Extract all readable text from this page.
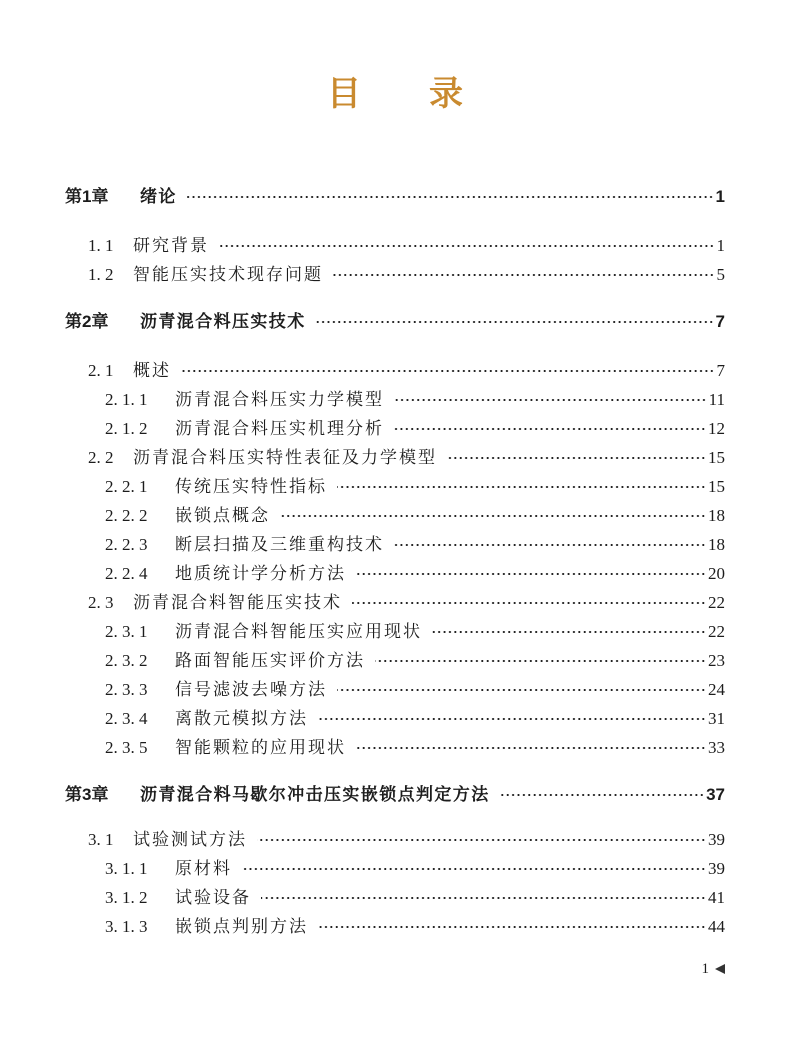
目　　录
第1章	绪论	1
1. 1	研究背景	1
1. 2	智能压实技术现存问题	5
第2章	沥青混合料压实技术	7
2. 1	概述	7
2. 1. 1	沥青混合料压实力学模型	11
2. 1. 2	沥青混合料压实机理分析	12
2. 2	沥青混合料压实特性表征及力学模型	15
2. 2. 1	传统压实特性指标	15
2. 2. 2	嵌锁点概念	18
2. 2. 3	断层扫描及三维重构技术	18
2. 2. 4	地质统计学分析方法	20
2. 3	沥青混合料智能压实技术	22
2. 3. 1	沥青混合料智能压实应用现状	22
2. 3. 2	路面智能压实评价方法	23
2. 3. 3	信号滤波去噪方法	24
2. 3. 4	离散元模拟方法	31
2. 3. 5	智能颗粒的应用现状	33
第3章	沥青混合料马歇尔冲击压实嵌锁点判定方法	37
3. 1	试验测试方法	39
3. 1. 1	原材料	39
3. 1. 2	试验设备	41
3. 1. 3	嵌锁点判别方法	44
1
